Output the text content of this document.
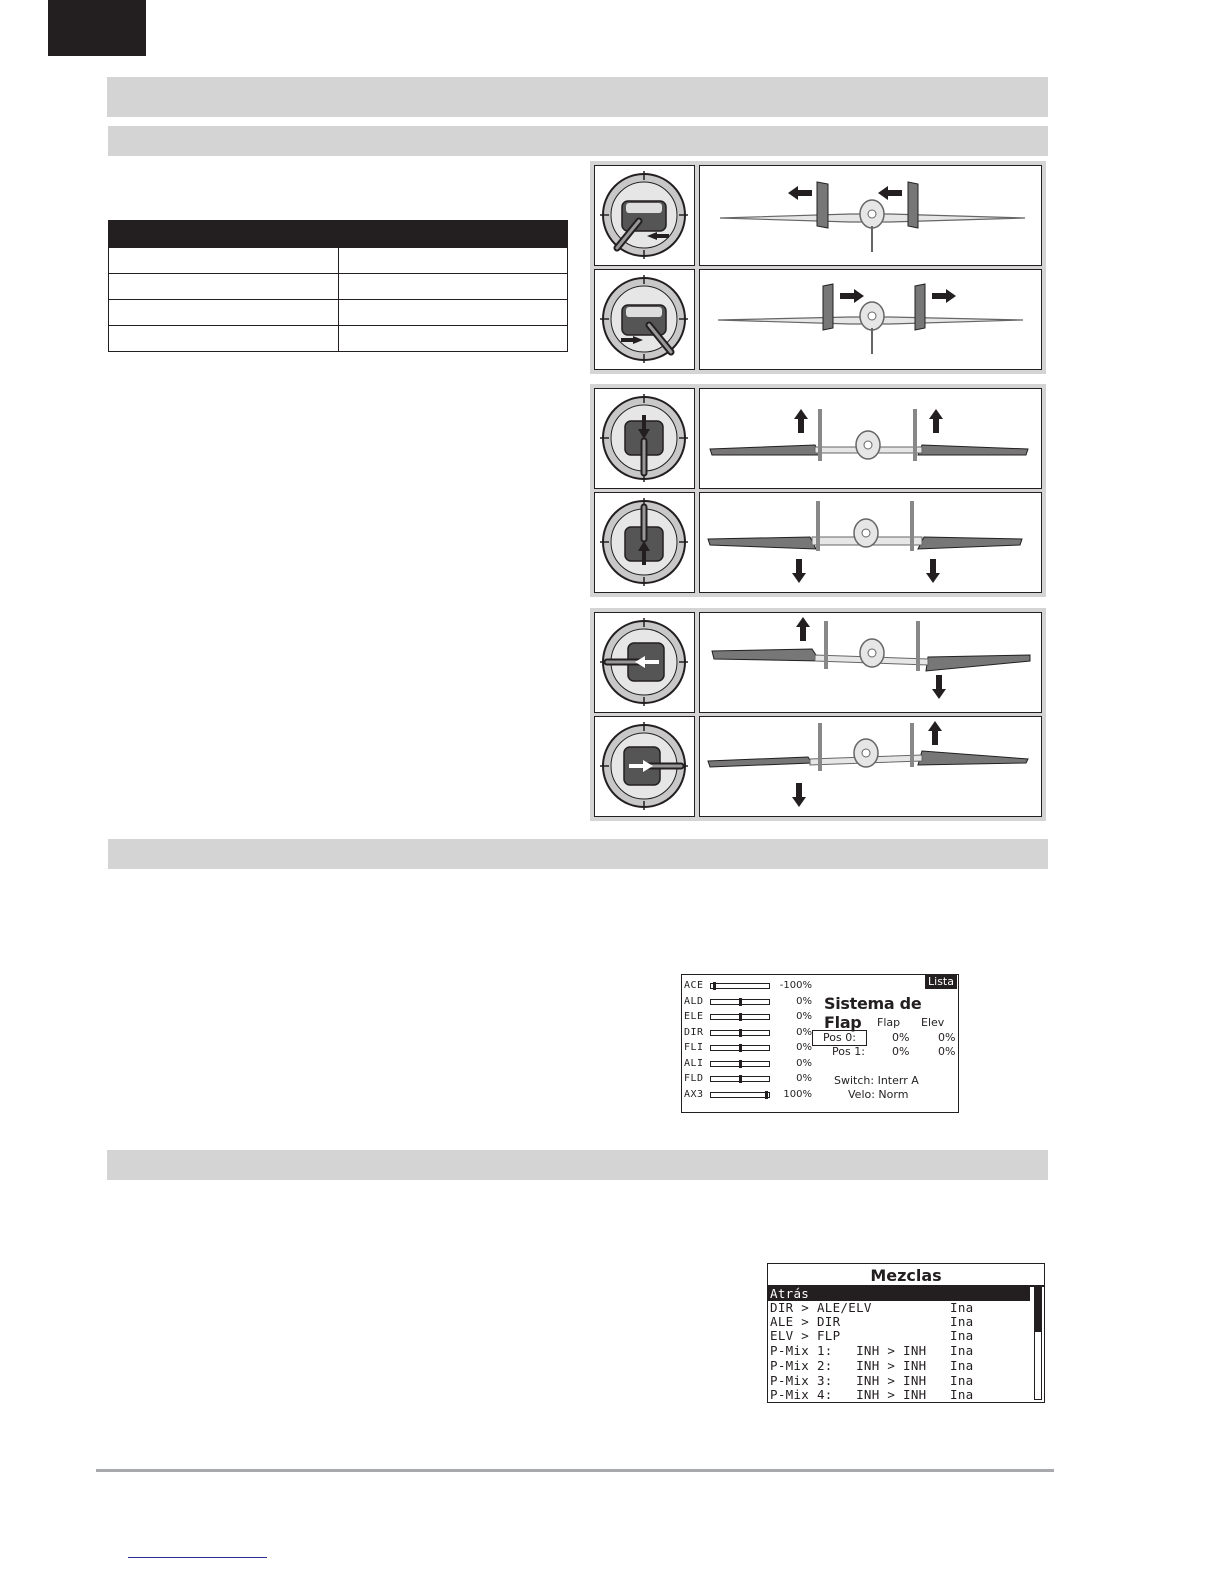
Lista
Sistema de Flap	Flap Elev
Pos 0:	0%	0%
Pos 1: 0%	0%
Switch: Interr A
Velo: Norm
ACE	-100%
ALD	0%
ELE	0%
DIR	0%
FLI	0%
ALI	0%
FLD	0%
AX3	100%
Mezclas
Atrás
DIR > ALE/ELV          Ina
ALE > DIR              Ina
ELV > FLP              Ina
P-Mix 1:   INH > INH   Ina
P-Mix 2:   INH > INH   Ina
P-Mix 3:   INH > INH   Ina
P-Mix 4:   INH > INH   Ina
